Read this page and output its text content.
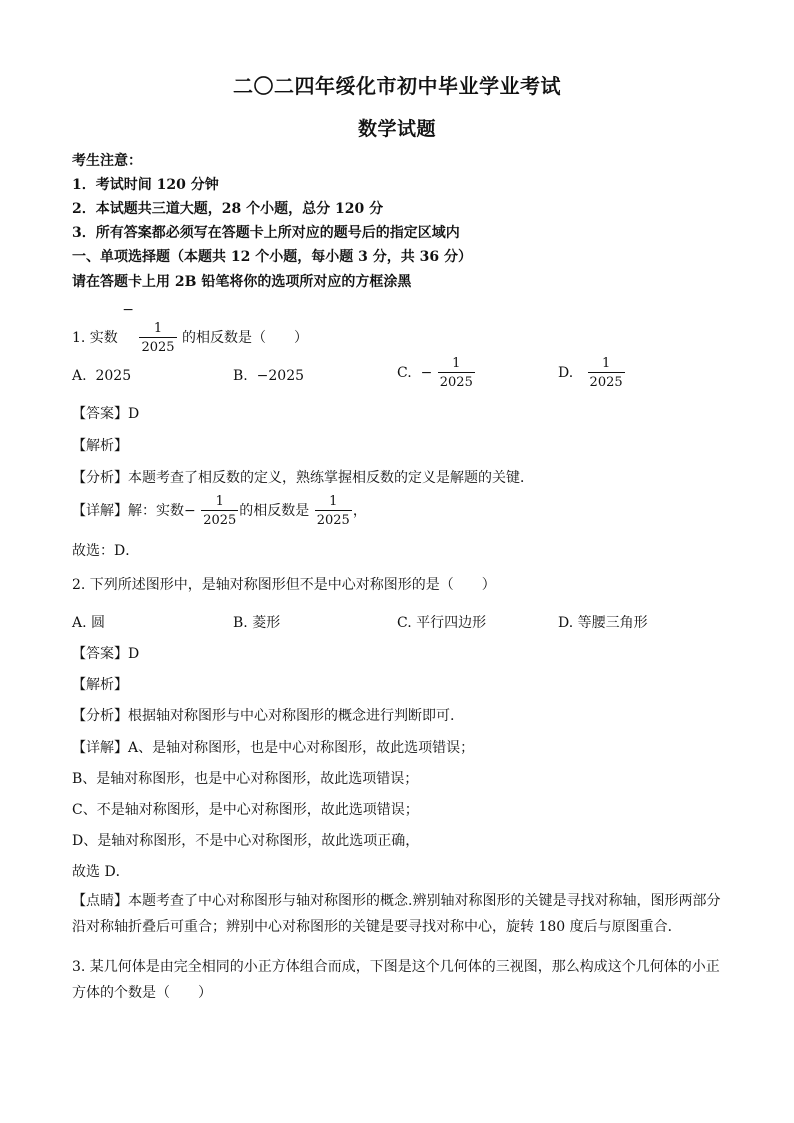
二〇二四年绥化市初中毕业学业考试
数学试题
考生注意：
1．考试时间 120 分钟
2．本试题共三道大题，28 个小题，总分 120 分
3．所有答案都必须写在答题卡上所对应的题号后的指定区域内
一、单项选择题（本题共 12 个小题，每小题 3 分，共 36 分）
请在答题卡上用 2B 铅笔将你的选项所对应的方框涂黑
1. 实数 −
$\frac{1}{2025}$ 的相反数是（　　）
A. 2025	B. −2025	C. − $\frac{1}{2025}$	D. $\frac{1}{2025}$
【答案】D
【解析】
【分析】本题考查了相反数的定义，熟练掌握相反数的定义是解题的关键．
【详解】解：实数− $\frac{1}{2025}$ 的相反数是 $\frac{1}{2025}$ ，
故选：D．
2. 下列所述图形中，是轴对称图形但不是中心对称图形的是（　　）
A. 圆	B. 菱形	C. 平行四边形	D. 等腰三角形
【答案】D
【解析】
【分析】根据轴对称图形与中心对称图形的概念进行判断即可.
【详解】A、是轴对称图形，也是中心对称图形，故此选项错误；
B、是轴对称图形，也是中心对称图形，故此选项错误；
C、不是轴对称图形，是中心对称图形，故此选项错误；
D、是轴对称图形，不是中心对称图形，故此选项正确，
故选 D．
【点睛】本题考查了中心对称图形与轴对称图形的概念.辨别轴对称图形的关键是寻找对称轴，图形两部分沿对称轴折叠后可重合；辨别中心对称图形的关键是要寻找对称中心，旋转 180 度后与原图重合．
3. 某几何体是由完全相同的小正方体组合而成，下图是这个几何体的三视图，那么构成这个几何体的小正方体的个数是（　　）
